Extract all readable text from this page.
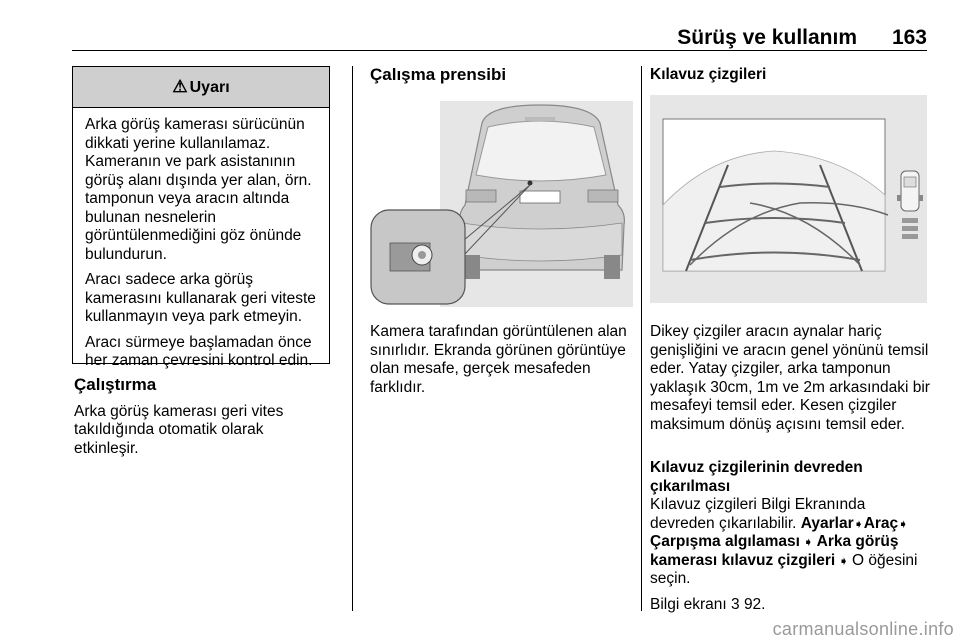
Sürüş ve kullanım 163
⚠ Uyarı

Arka görüş kamerası sürücünün dikkati yerine kullanılamaz. Kameranın ve park asistanının görüş alanı dışında yer alan, örn. tamponun veya aracın altında bulunan nesnelerin görüntülenmediğini göz önünde bulundurun.

Aracı sadece arka görüş kamerasını kullanarak geri viteste kullanmayın veya park etmeyin.

Aracı sürmeye başlamadan önce her zaman çevresini kontrol edin.

Çalıştırma

Arka görüş kamerası geri vites takıldığında otomatik olarak etkinleşir.

Çalışma prensibi

Kamera tarafından görüntülenen alan sınırlıdır. Ekranda görünen görüntüye olan mesafe, gerçek mesafeden farklıdır.

Kılavuz çizgileri

Dikey çizgiler aracın aynalar hariç genişliğini ve aracın genel yönünü temsil eder. Yatay çizgiler, arka tamponun yaklaşık 30cm, 1m ve 2m arkasındaki bir mesafeyi temsil eder. Kesen çizgiler maksimum dönüş açısını temsil eder.

Kılavuz çizgilerinin devreden
çıkarılması

Kılavuz çizgileri Bilgi Ekranında devreden çıkarılabilir. Ayarlar➧Araç➧ Çarpışma algılaması ➧ Arka görüş kamerası kılavuz çizgileri ➧ O öğesini seçin.

Bilgi ekranı 3 92.

carmanualsonline.info
